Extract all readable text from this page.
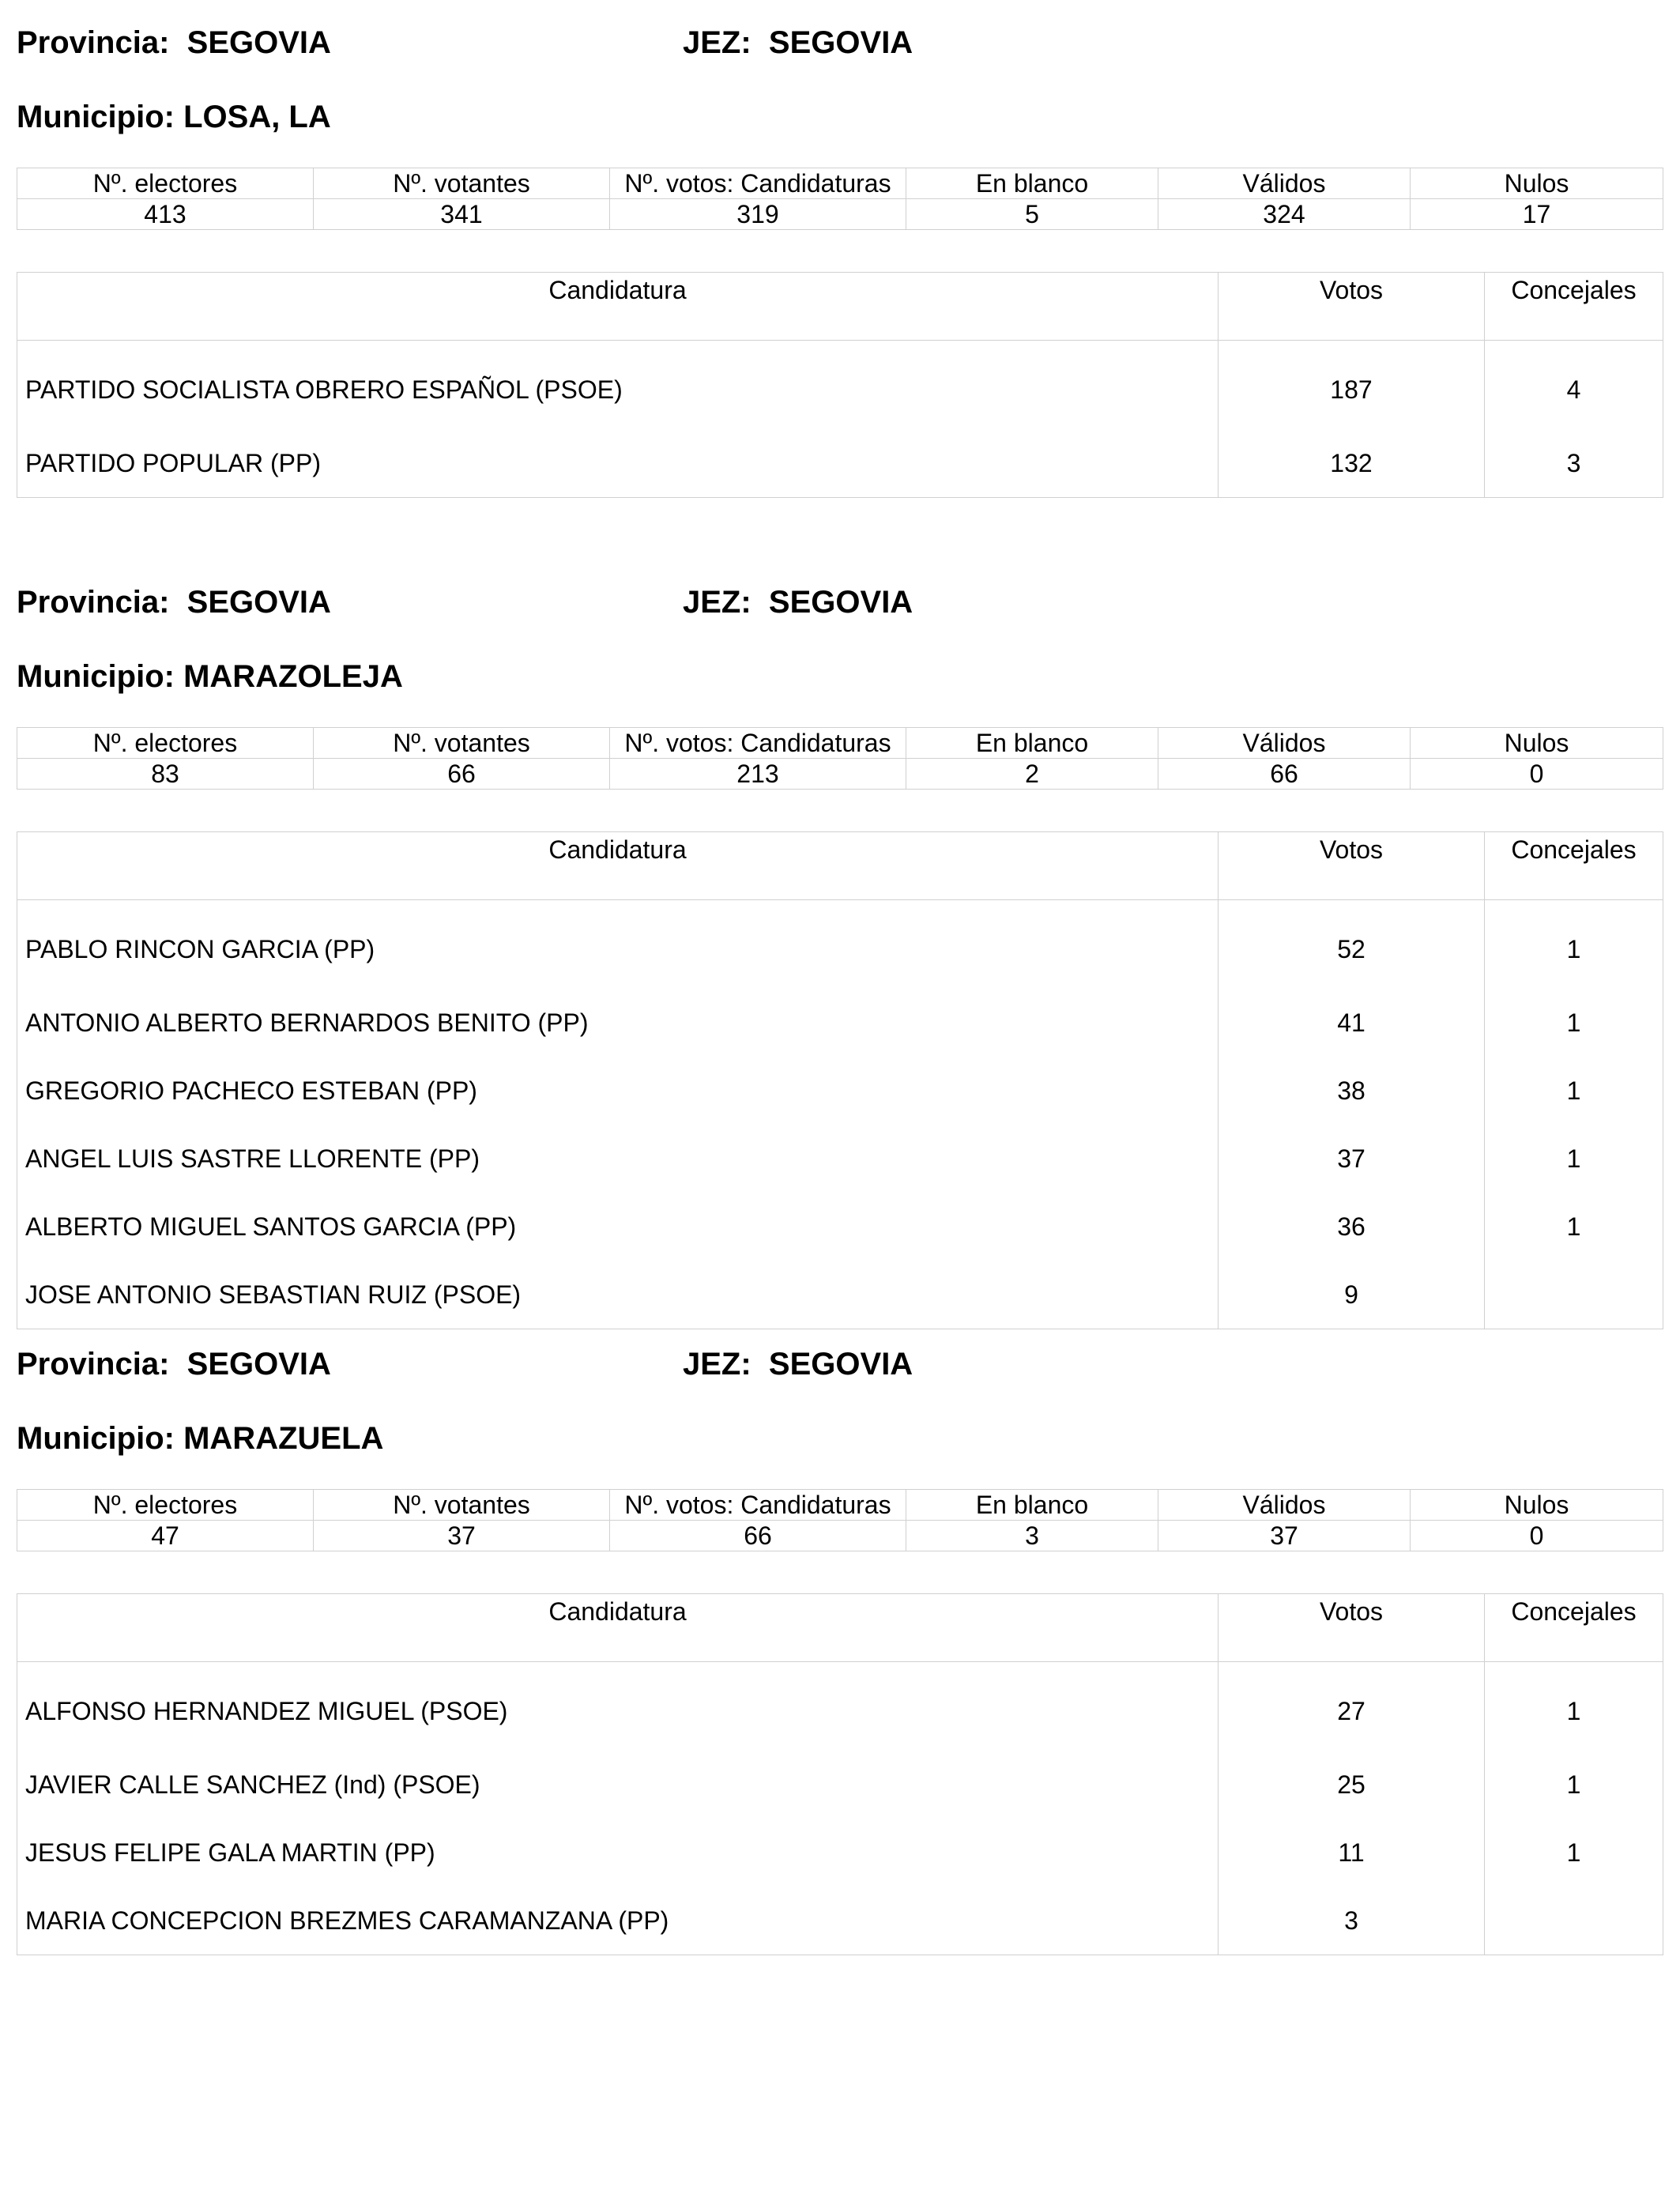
Provincia: SEGOVIA	JEZ: SEGOVIA
Municipio: LOSA, LA
Nº. electores	Nº. votantes	Nº. votos: Candidaturas	En blanco	Válidos	Nulos
413	341	319	5	324	17
Candidatura	Votos	Concejales
PARTIDO SOCIALISTA OBRERO ESPAÑOL (PSOE)	187	4
PARTIDO POPULAR (PP)	132	3
Provincia: SEGOVIA	JEZ: SEGOVIA
Municipio: MARAZOLEJA
Nº. electores	Nº. votantes	Nº. votos: Candidaturas	En blanco	Válidos	Nulos
83	66	213	2	66	0
Candidatura	Votos	Concejales
PABLO RINCON GARCIA (PP)	52	1
ANTONIO ALBERTO BERNARDOS BENITO (PP)	41	1
GREGORIO PACHECO ESTEBAN (PP)	38	1
ANGEL LUIS SASTRE LLORENTE (PP)	37	1
ALBERTO MIGUEL SANTOS GARCIA (PP)	36	1
JOSE ANTONIO SEBASTIAN RUIZ (PSOE)	9	
Provincia: SEGOVIA	JEZ: SEGOVIA
Municipio: MARAZUELA
Nº. electores	Nº. votantes	Nº. votos: Candidaturas	En blanco	Válidos	Nulos
47	37	66	3	37	0
Candidatura	Votos	Concejales
ALFONSO HERNANDEZ MIGUEL (PSOE)	27	1
JAVIER CALLE SANCHEZ (Ind) (PSOE)	25	1
JESUS FELIPE GALA MARTIN (PP)	11	1
MARIA CONCEPCION BREZMES CARAMANZANA (PP)	3	
